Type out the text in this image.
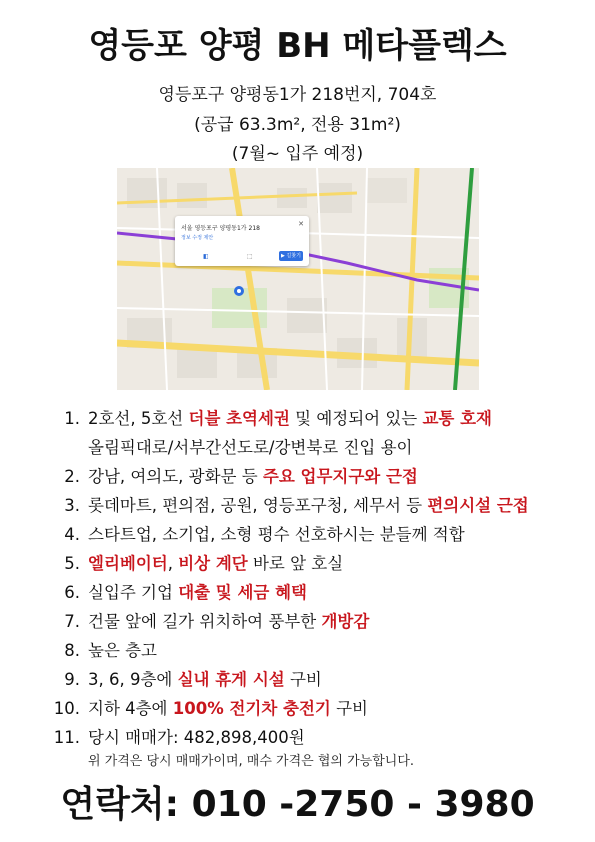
영등포 양평 BH 메타플렉스
영등포구 양평동1가 218번지, 704호
(공급 63.3m², 전용 31m²)
(7월~ 입주 예정)
서울 영등포구 양평동1가 218
정보 수정 제안
✕
◧	⬚	▶ 길찾기
1. 2호선, 5호선 더블 초역세권 및 예정되어 있는 교통 호재
올림픽대로/서부간선도로/강변북로 진입 용이
2. 강남, 여의도, 광화문 등 주요 업무지구와 근접
3. 롯데마트, 편의점, 공원, 영등포구청, 세무서 등 편의시설 근접
4. 스타트업, 소기업, 소형 평수 선호하시는 분들께 적합
5. 엘리베이터, 비상 계단 바로 앞 호실
6. 실입주 기업 대출 및 세금 혜택
7. 건물 앞에 길가 위치하여 풍부한 개방감
8. 높은 층고
9. 3, 6, 9층에 실내 휴게 시설 구비
10. 지하 4층에 100% 전기차 충전기 구비
11. 당시 매매가: 482,898,400원
위 가격은 당시 매매가이며, 매수 가격은 협의 가능합니다.
연락처: 010 -2750 - 3980
